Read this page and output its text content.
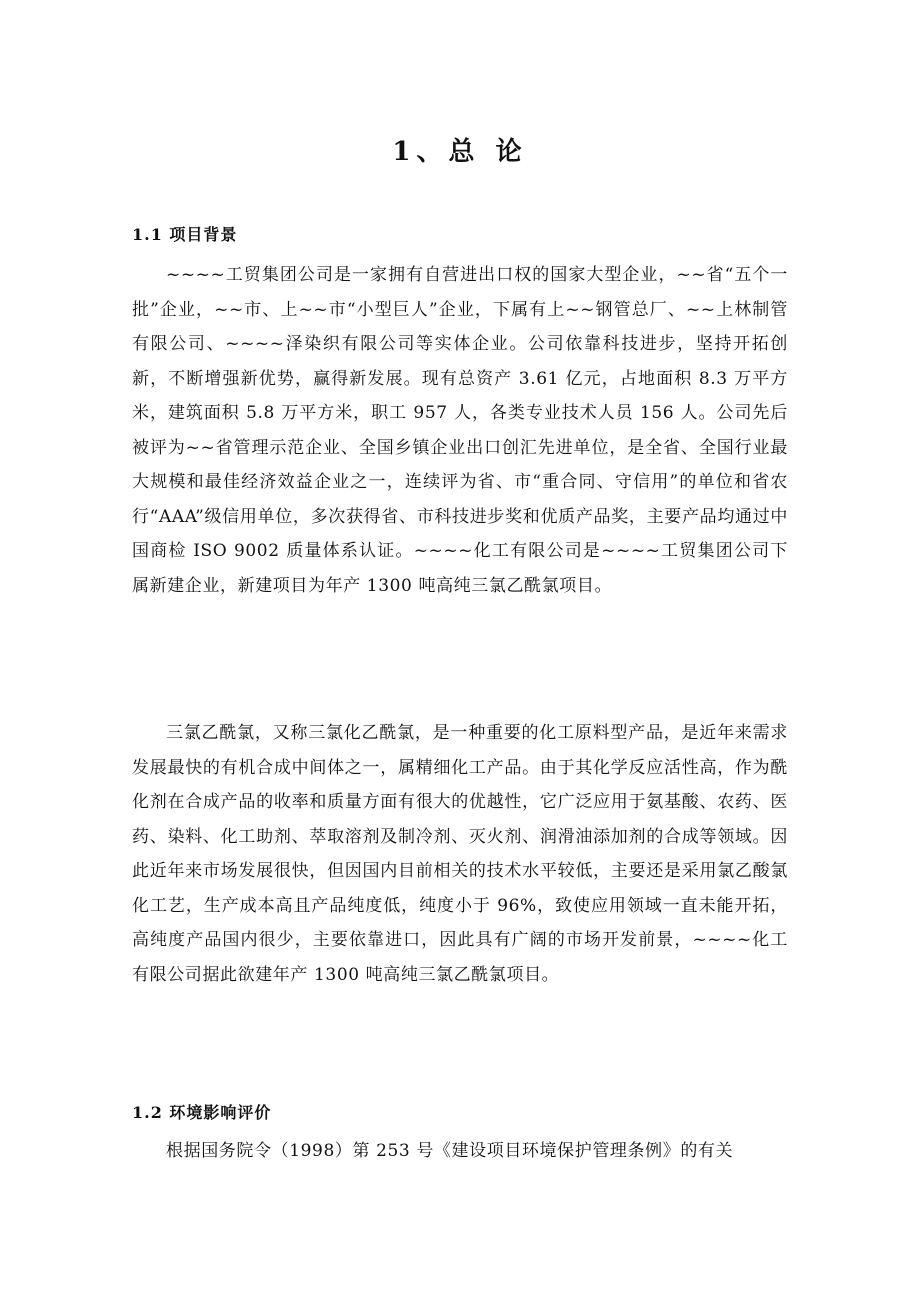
1、总 论
1.1 项目背景

~~~~工贸集团公司是一家拥有自营进出口权的国家大型企业，~~省“五个一批”企业，~~市、上~~市“小型巨人”企业，下属有上~~钢管总厂、~~上林制管有限公司、~~~~泽染织有限公司等实体企业。公司依靠科技进步，坚持开拓创新，不断增强新优势，赢得新发展。现有总资产 3.61 亿元，占地面积 8.3 万平方米，建筑面积 5.8 万平方米，职工 957 人，各类专业技术人员 156 人。公司先后被评为~~省管理示范企业、全国乡镇企业出口创汇先进单位，是全省、全国行业最大规模和最佳经济效益企业之一，连续评为省、市“重合同、守信用”的单位和省农行“AAA”级信用单位，多次获得省、市科技进步奖和优质产品奖，主要产品均通过中国商检 ISO 9002 质量体系认证。~~~~化工有限公司是~~~~工贸集团公司下属新建企业，新建项目为年产 1300 吨高纯三氯乙酰氯项目。

三氯乙酰氯，又称三氯化乙酰氯，是一种重要的化工原料型产品，是近年来需求发展最快的有机合成中间体之一，属精细化工产品。由于其化学反应活性高，作为酰化剂在合成产品的收率和质量方面有很大的优越性，它广泛应用于氨基酸、农药、医药、染料、化工助剂、萃取溶剂及制冷剂、灭火剂、润滑油添加剂的合成等领域。因此近年来市场发展很快，但因国内目前相关的技术水平较低，主要还是采用氯乙酸氯化工艺，生产成本高且产品纯度低，纯度小于 96%，致使应用领域一直未能开拓，高纯度产品国内很少，主要依靠进口，因此具有广阔的市场开发前景，~~~~化工有限公司据此欲建年产 1300 吨高纯三氯乙酰氯项目。

1.2 环境影响评价

根据国务院令（1998）第 253 号《建设项目环境保护管理条例》的有关
